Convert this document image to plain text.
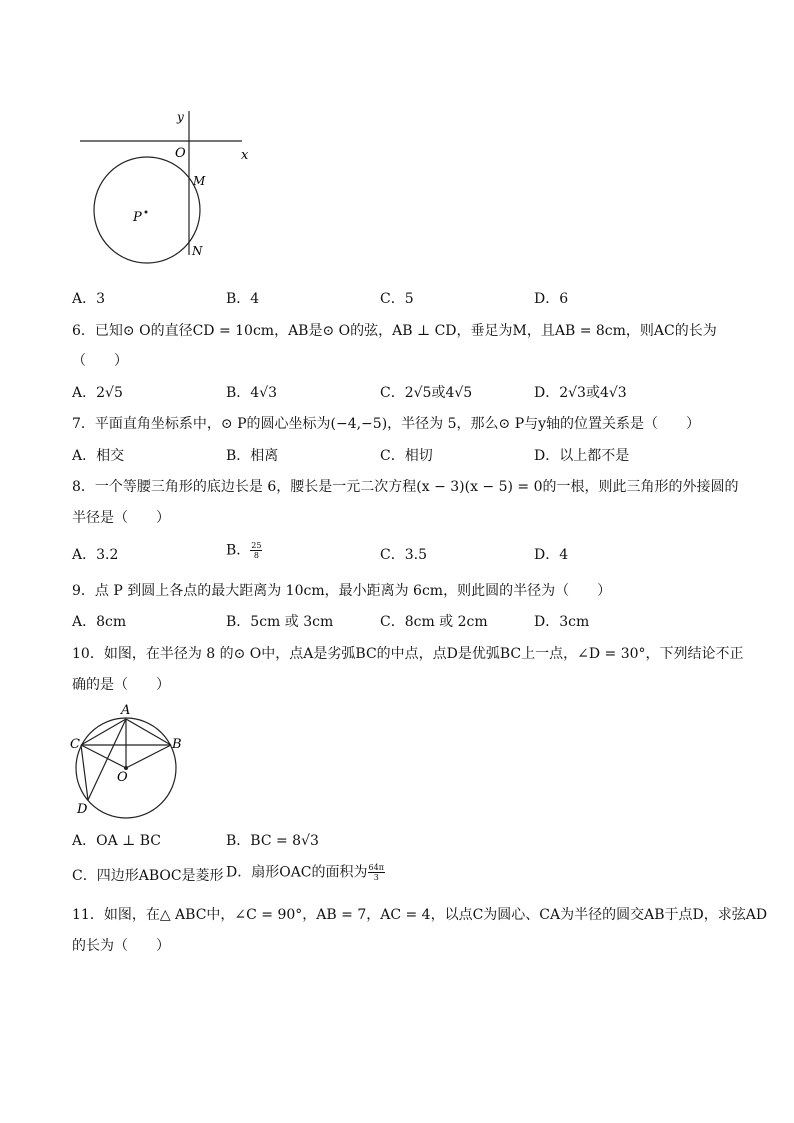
y
O	x
M
P
N
A．3	B．4	C．5	D．6
6．已知⊙ O的直径CD = 10cm，AB是⊙ O的弦，AB ⊥ CD，垂足为M，且AB = 8cm，则AC的长为
（　　）
A．2√5	B．4√3	C．2√5或4√5	D．2√3或4√3
7．平面直角坐标系中，⊙ P的圆心坐标为(−4,−5)，半径为 5，那么⊙ P与y轴的位置关系是（　　）
A．相交	B．相离	C．相切	D．以上都不是
8．一个等腰三角形的底边长是 6，腰长是一元二次方程(x − 3)(x − 5) = 0的一根，则此三角形的外接圆的
半径是（　　）
A．3.2	B． $\frac{25}{8}$	C．3.5	D．4
9．点 P 到圆上各点的最大距离为 10cm，最小距离为 6cm，则此圆的半径为（　　）
A．8cm	B．5cm 或 3cm	C．8cm 或 2cm	D．3cm
10．如图，在半径为 8 的⊙ O中，点A是劣弧BC的中点，点D是优弧BC上一点，∠D = 30°，下列结论不正
确的是（　　）
A
B
C
O
D
A．OA ⊥ BC	B．BC = 8√3
C．四边形ABOC是菱形 D．扇形OAC的面积为 $\frac{64\pi}{3}$
11．如图，在△ ABC中，∠C = 90°，AB = 7，AC = 4，以点C为圆心、CA为半径的圆交AB于点D，求弦AD
的长为（　　）
